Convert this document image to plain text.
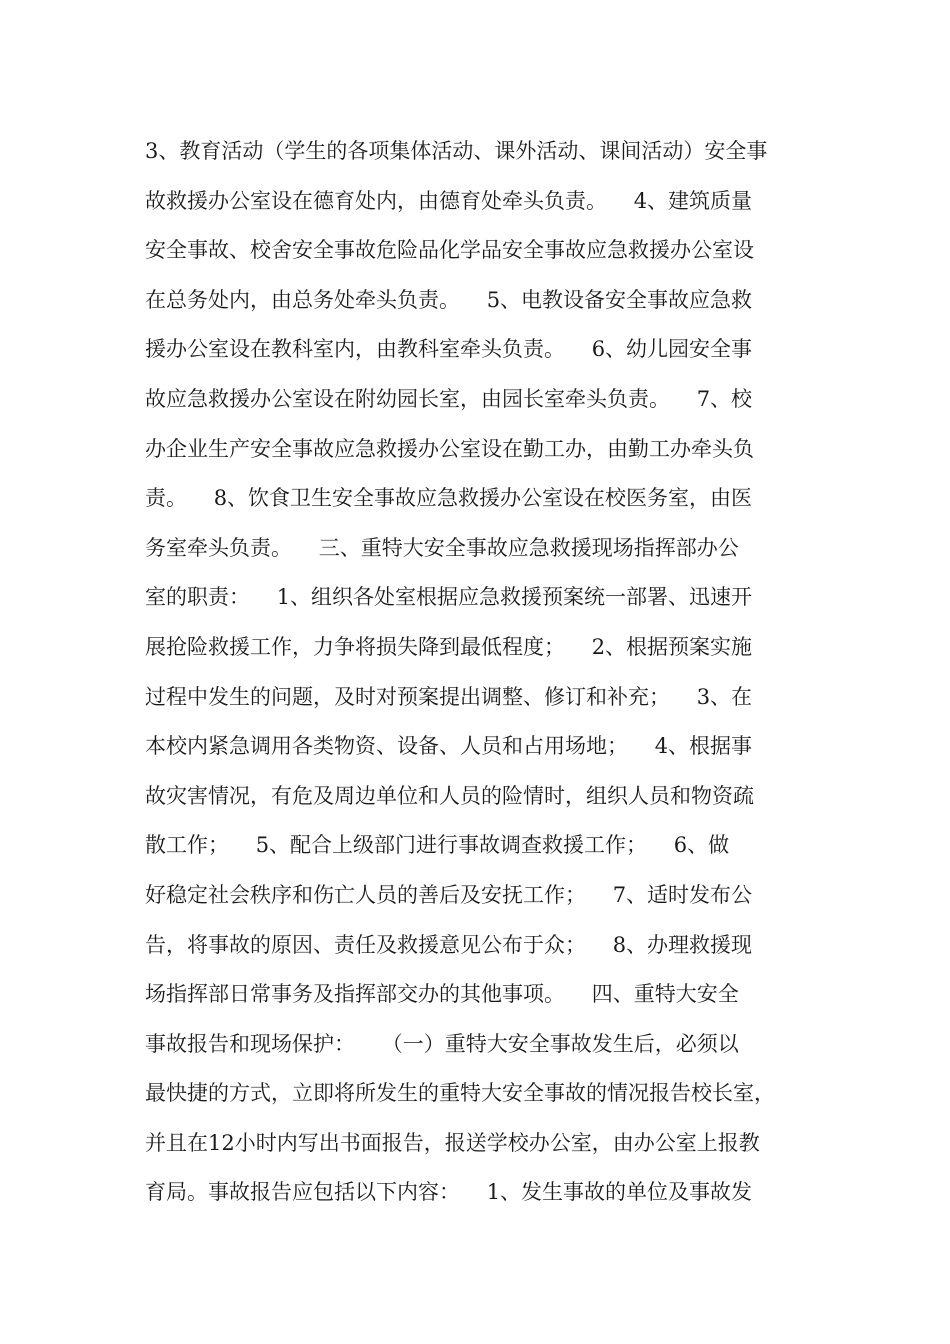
3、教育活动（学生的各项集体活动、课外活动、课间活动）安全事
故救援办公室设在德育处内，由德育处牵头负责。    4、建筑质量
安全事故、校舍安全事故危险品化学品安全事故应急救援办公室设
在总务处内，由总务处牵头负责。    5、电教设备安全事故应急救
援办公室设在教科室内，由教科室牵头负责。    6、幼儿园安全事
故应急救援办公室设在附幼园长室，由园长室牵头负责。    7、校
办企业生产安全事故应急救援办公室设在勤工办，由勤工办牵头负
责。    8、饮食卫生安全事故应急救援办公室设在校医务室，由医
务室牵头负责。    三、重特大安全事故应急救援现场指挥部办公
室的职责：    1、组织各处室根据应急救援预案统一部署、迅速开
展抢险救援工作，力争将损失降到最低程度；    2、根据预案实施
过程中发生的问题，及时对预案提出调整、修订和补充；    3、在
本校内紧急调用各类物资、设备、人员和占用场地；    4、根据事
故灾害情况，有危及周边单位和人员的险情时，组织人员和物资疏
散工作；    5、配合上级部门进行事故调查救援工作；    6、做
好稳定社会秩序和伤亡人员的善后及安抚工作；    7、适时发布公
告，将事故的原因、责任及救援意见公布于众；    8、办理救援现
场指挥部日常事务及指挥部交办的其他事项。    四、重特大安全
事故报告和现场保护：    （一）重特大安全事故发生后，必须以
最快捷的方式，立即将所发生的重特大安全事故的情况报告校长室，
并且在12小时内写出书面报告，报送学校办公室，由办公室上报教
育局。事故报告应包括以下内容：    1、发生事故的单位及事故发
